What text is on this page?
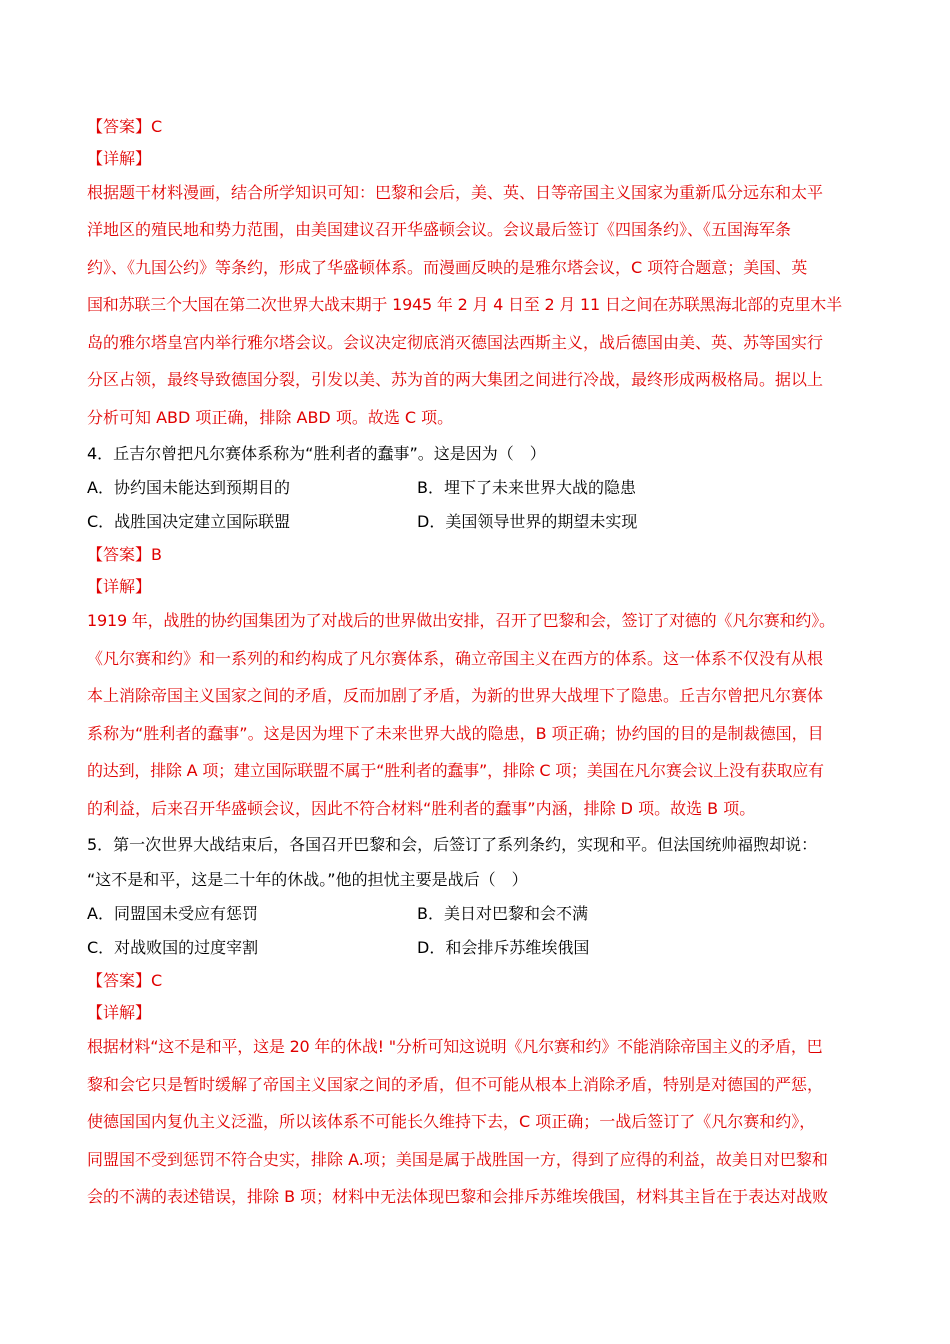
【答案】C
【详解】
根据题干材料漫画，结合所学知识可知：巴黎和会后，美、英、日等帝国主义国家为重新瓜分远东和太平
洋地区的殖民地和势力范围，由美国建议召开华盛顿会议。会议最后签订《四国条约》、《五国海军条
约》、《九国公约》等条约，形成了华盛顿体系。而漫画反映的是雅尔塔会议，C 项符合题意；美国、英
国和苏联三个大国在第二次世界大战末期于 1945 年 2 月 4 日至 2 月 11 日之间在苏联黑海北部的克里木半
岛的雅尔塔皇宫内举行雅尔塔会议。会议决定彻底消灭德国法西斯主义，战后德国由美、英、苏等国实行
分区占领，最终导致德国分裂，引发以美、苏为首的两大集团之间进行冷战，最终形成两极格局。据以上
分析可知 ABD 项正确，排除 ABD 项。故选 C 项。
4．丘吉尔曾把凡尔赛体系称为“胜利者的蠢事”。这是因为（　）
A．协约国未能达到预期目的	B．埋下了未来世界大战的隐患
C．战胜国决定建立国际联盟	D．美国领导世界的期望未实现
【答案】B
【详解】
1919 年，战胜的协约国集团为了对战后的世界做出安排，召开了巴黎和会，签订了对德的《凡尔赛和约》。
《凡尔赛和约》和一系列的和约构成了凡尔赛体系，确立帝国主义在西方的体系。这一体系不仅没有从根
本上消除帝国主义国家之间的矛盾，反而加剧了矛盾，为新的世界大战埋下了隐患。丘吉尔曾把凡尔赛体
系称为“胜利者的蠢事”。这是因为埋下了未来世界大战的隐患，B 项正确；协约国的目的是制裁德国，目
的达到，排除 A 项；建立国际联盟不属于“胜利者的蠢事”，排除 C 项；美国在凡尔赛会议上没有获取应有
的利益，后来召开华盛顿会议，因此不符合材料“胜利者的蠢事”内涵，排除 D 项。故选 B 项。
5．第一次世界大战结束后，各国召开巴黎和会，后签订了系列条约，实现和平。但法国统帅福煦却说：
“这不是和平，这是二十年的休战。”他的担忧主要是战后（　）
A．同盟国未受应有惩罚	B．美日对巴黎和会不满
C．对战败国的过度宰割	D．和会排斥苏维埃俄国
【答案】C
【详解】
根据材料“这不是和平，这是 20 年的休战! "分析可知这说明《凡尔赛和约》不能消除帝国主义的矛盾，巴
黎和会它只是暂时缓解了帝国主义国家之间的矛盾，但不可能从根本上消除矛盾，特别是对德国的严惩，
使德国国内复仇主义泛滥，所以该体系不可能长久维持下去，C 项正确；一战后签订了《凡尔赛和约》，
同盟国不受到惩罚不符合史实，排除 A.项；美国是属于战胜国一方，得到了应得的利益，故美日对巴黎和
会的不满的表述错误，排除 B 项；材料中无法体现巴黎和会排斥苏维埃俄国，材料其主旨在于表达对战败
